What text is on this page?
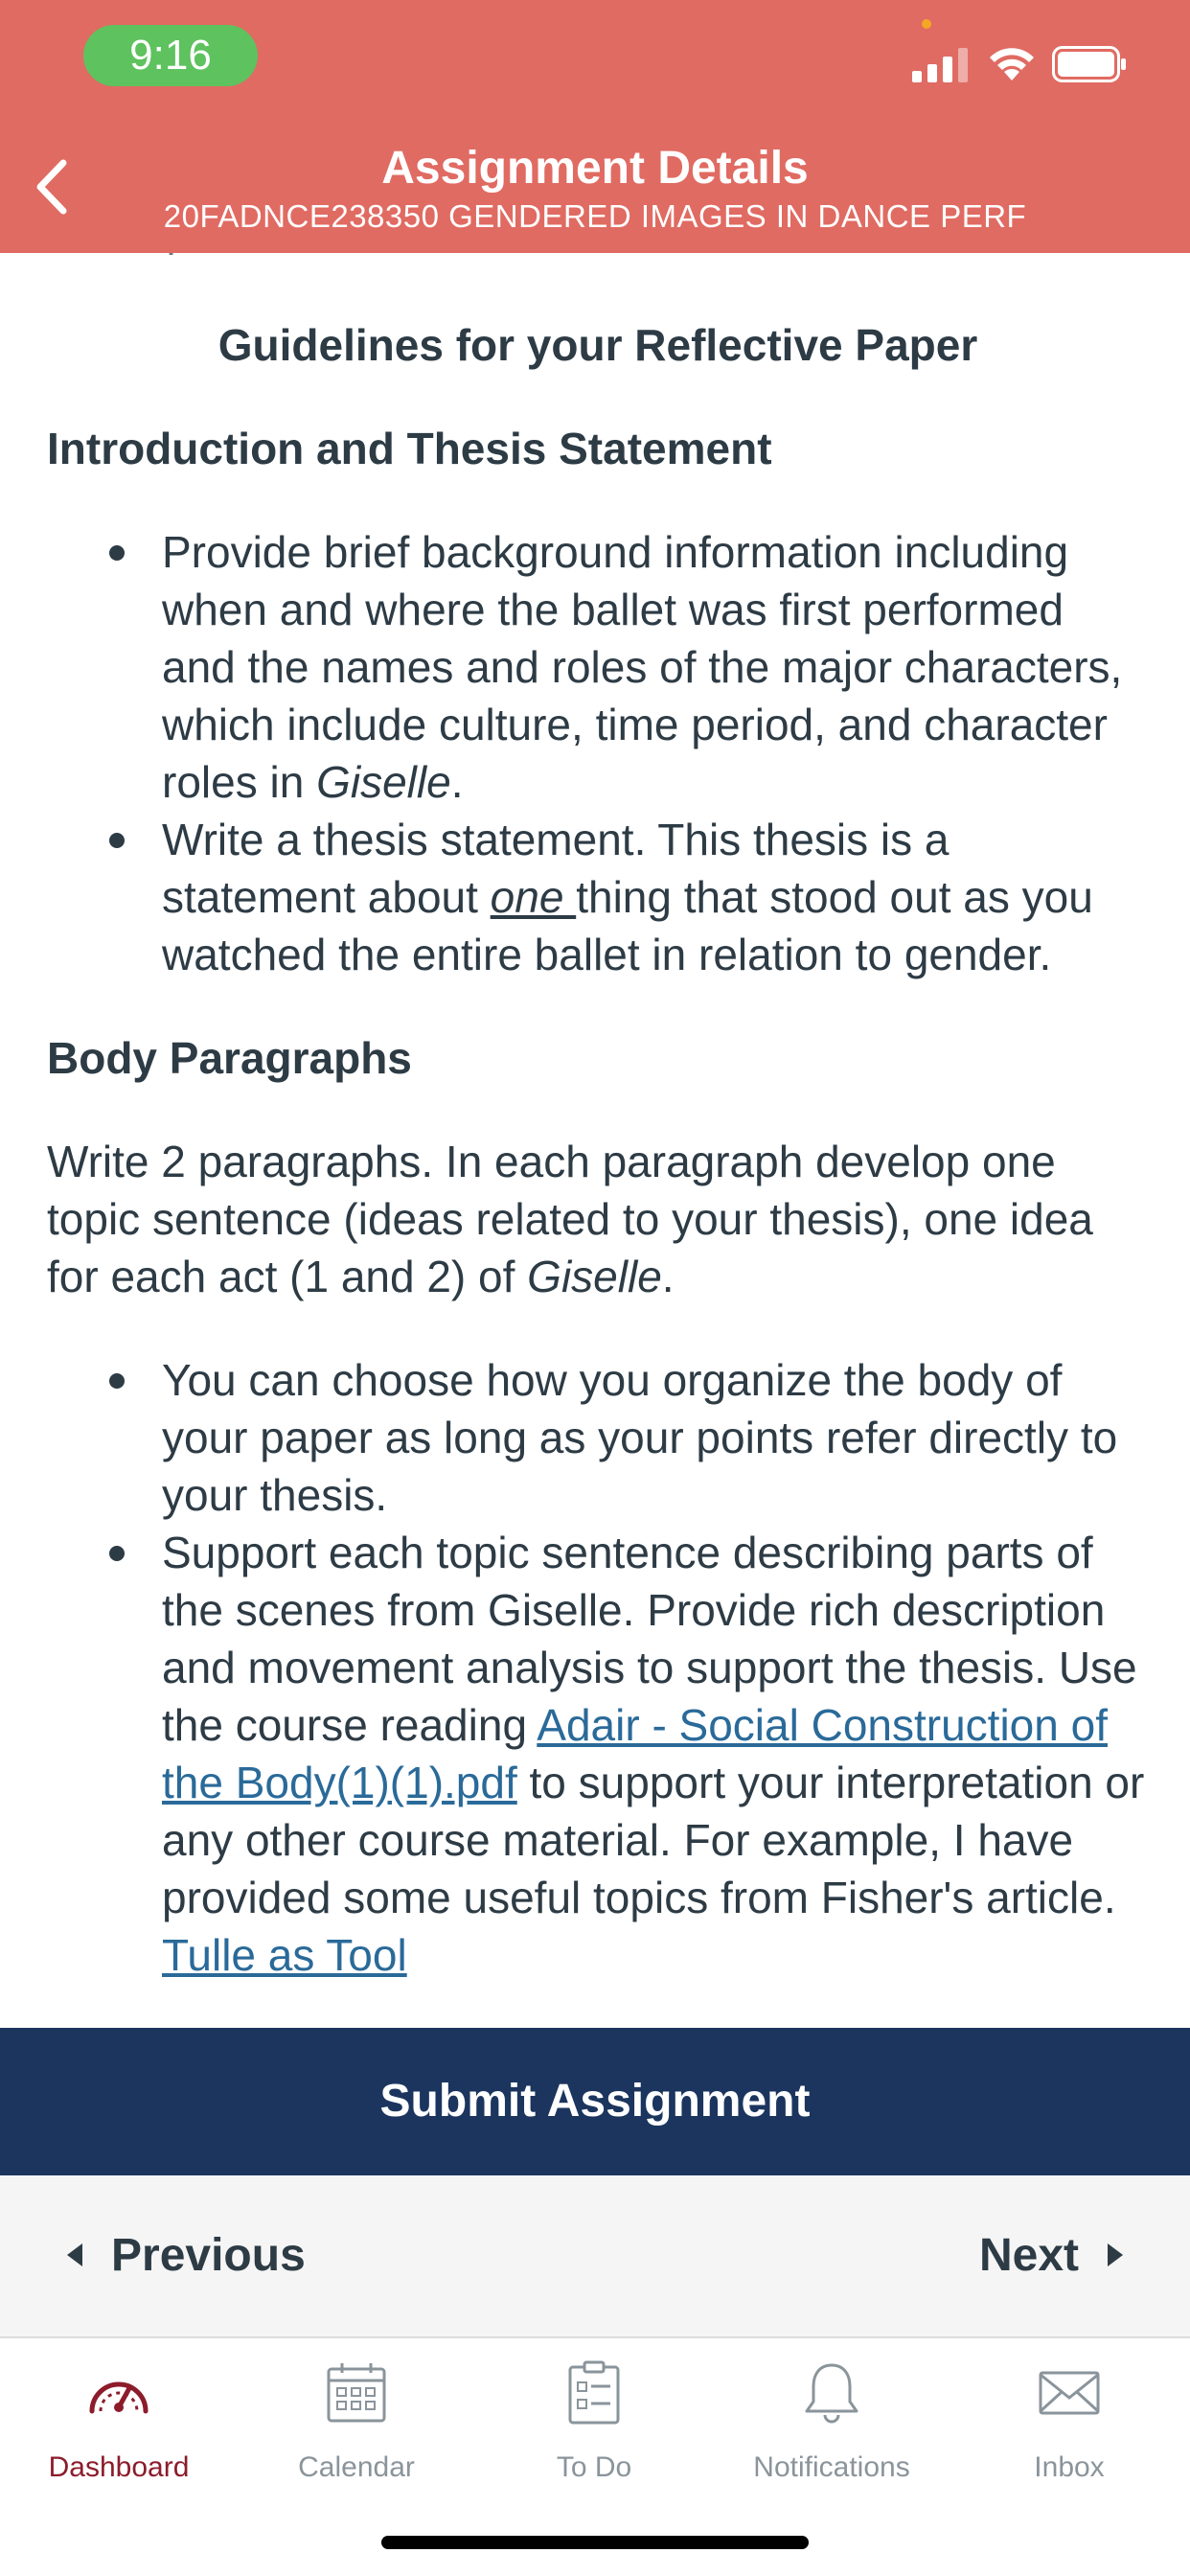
9:16
Assignment Details
20FADNCE238350 GENDERED IMAGES IN DANCE PERF
Guidelines for your Reflective Paper
Introduction and Thesis Statement
Provide brief background information including when and where the ballet was first performed and the names and roles of the major characters, which include culture, time period, and character roles in Giselle.
Write a thesis statement. This thesis is a statement about one thing that stood out as you watched the entire ballet in relation to gender.
Body Paragraphs

Write 2 paragraphs. In each paragraph develop one topic sentence (ideas related to your thesis), one idea for each act (1 and 2) of Giselle.

You can choose how you organize the body of your paper as long as your points refer directly to your thesis.
Support each topic sentence describing parts of the scenes from Giselle. Provide rich description and movement analysis to support the thesis. Use the course reading Adair - Social Construction of the Body(1)(1).pdf to support your interpretation or any other course material. For example, I have provided some useful topics from Fisher's article. Tulle as Tool
Submit Assignment
Previous	Next
Dashboard	Calendar	To Do	Notifications	Inbox
